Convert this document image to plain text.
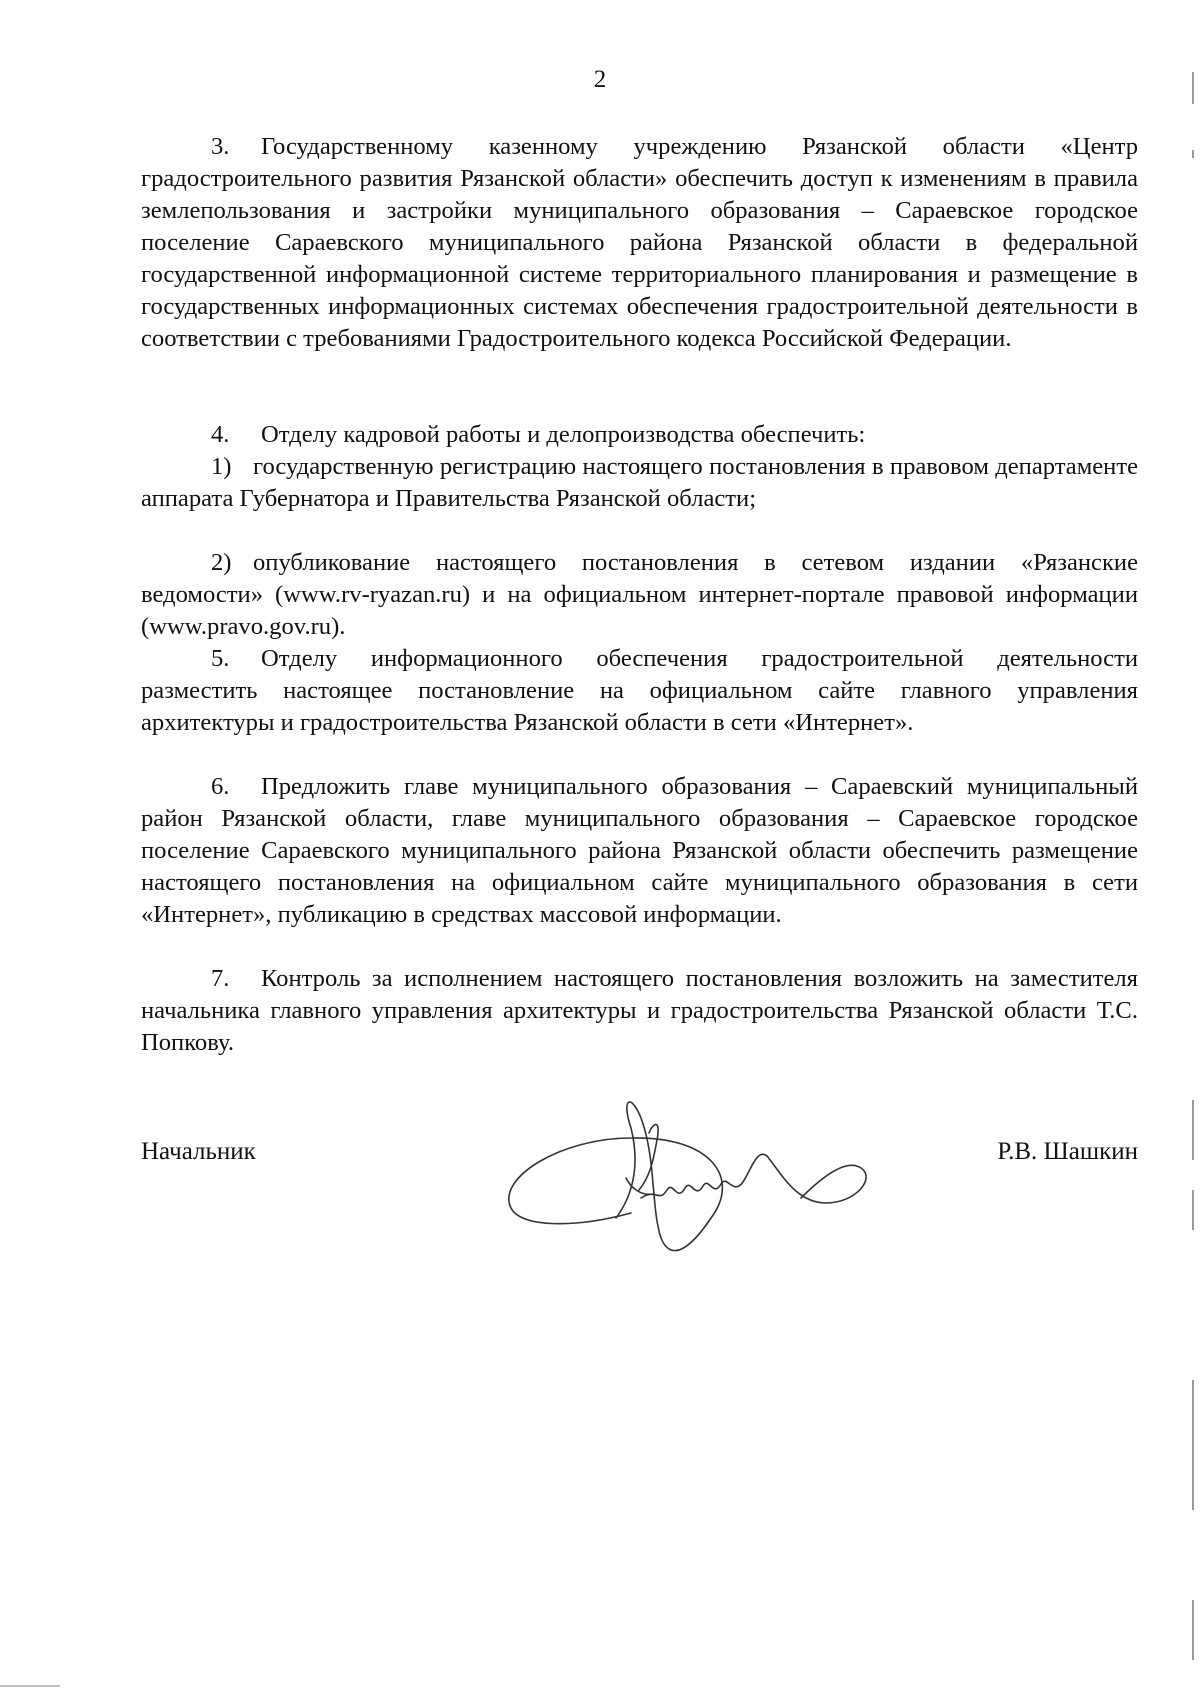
2

3. Государственному казенному учреждению Рязанской области «Центр градостроительного развития Рязанской области» обеспечить доступ к изменениям в правила землепользования и застройки муниципального образования – Сараевское городское поселение Сараевского муниципального района Рязанской области в федеральной государственной информационной системе территориального планирования и размещение в государственных информационных системах обеспечения градостроительной деятельности в соответствии с требованиями Градостроительного кодекса Российской Федерации.

4. Отделу кадровой работы и делопроизводства обеспечить:

1) государственную регистрацию настоящего постановления в правовом департаменте аппарата Губернатора и Правительства Рязанской области;

2) опубликование настоящего постановления в сетевом издании «Рязанские ведомости» (www.rv-ryazan.ru) и на официальном интернет-портале правовой информации (www.pravo.gov.ru).

5. Отделу информационного обеспечения градостроительной деятельности разместить настоящее постановление на официальном сайте главного управления архитектуры и градостроительства Рязанской области в сети «Интернет».

6. Предложить главе муниципального образования – Сараевский муниципальный район Рязанской области, главе муниципального образования – Сараевское городское поселение Сараевского муниципального района Рязанской области обеспечить размещение настоящего постановления на официальном сайте муниципального образования в сети «Интернет», публикацию в средствах массовой информации.

7. Контроль за исполнением настоящего постановления возложить на заместителя начальника главного управления архитектуры и градостроительства Рязанской области Т.С. Попкову.

Начальник	Р.В. Шашкин
